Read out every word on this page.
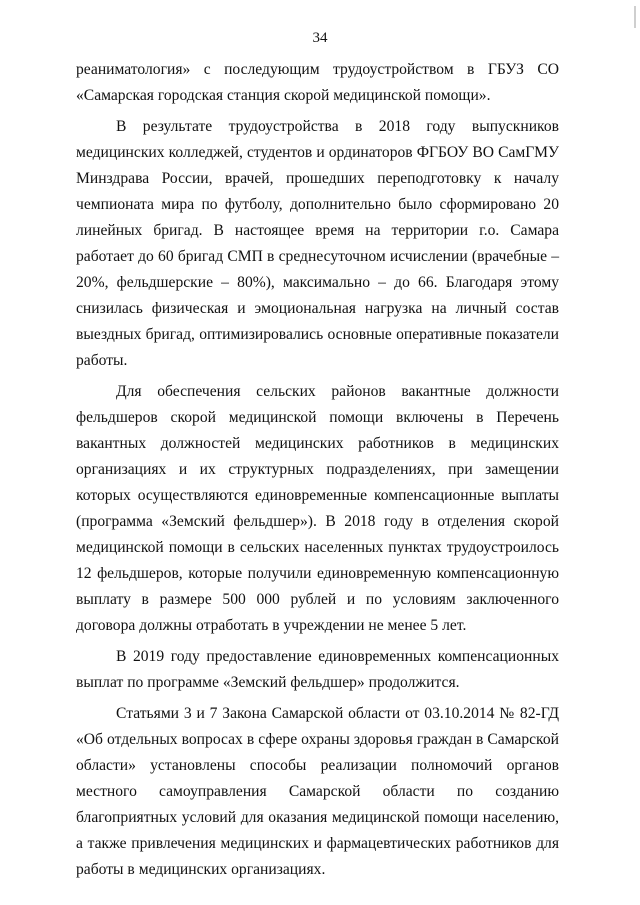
34

реаниматология» с последующим трудоустройством в ГБУЗ СО «Самарская городская станция скорой медицинской помощи».

В результате трудоустройства в 2018 году выпускников медицинских колледжей, студентов и ординаторов ФГБОУ ВО СамГМУ Минздрава России, врачей, прошедших переподготовку к началу чемпионата мира по футболу, дополнительно было сформировано 20 линейных бригад. В настоящее время на территории г.о. Самара работает до 60 бригад СМП в среднесуточном исчислении (врачебные – 20%, фельдшерские – 80%), максимально – до 66. Благодаря этому снизилась физическая и эмоциональная нагрузка на личный состав выездных бригад, оптимизировались основные оперативные показатели работы.

Для обеспечения сельских районов вакантные должности фельдшеров скорой медицинской помощи включены в Перечень вакантных должностей медицинских работников в медицинских организациях и их структурных подразделениях, при замещении которых осуществляются единовременные компенсационные выплаты (программа «Земский фельдшер»). В 2018 году в отделения скорой медицинской помощи в сельских населенных пунктах трудоустроилось 12 фельдшеров, которые получили единовременную компенсационную выплату в размере 500 000 рублей и по условиям заключенного договора должны отработать в учреждении не менее 5 лет.

В 2019 году предоставление единовременных компенсационных выплат по программе «Земский фельдшер» продолжится.

Статьями 3 и 7 Закона Самарской области от 03.10.2014 № 82-ГД «Об отдельных вопросах в сфере охраны здоровья граждан в Самарской области» установлены способы реализации полномочий органов местного самоуправления Самарской области по созданию благоприятных условий для оказания медицинской помощи населению, а также привлечения медицинских и фармацевтических работников для работы в медицинских организациях.
